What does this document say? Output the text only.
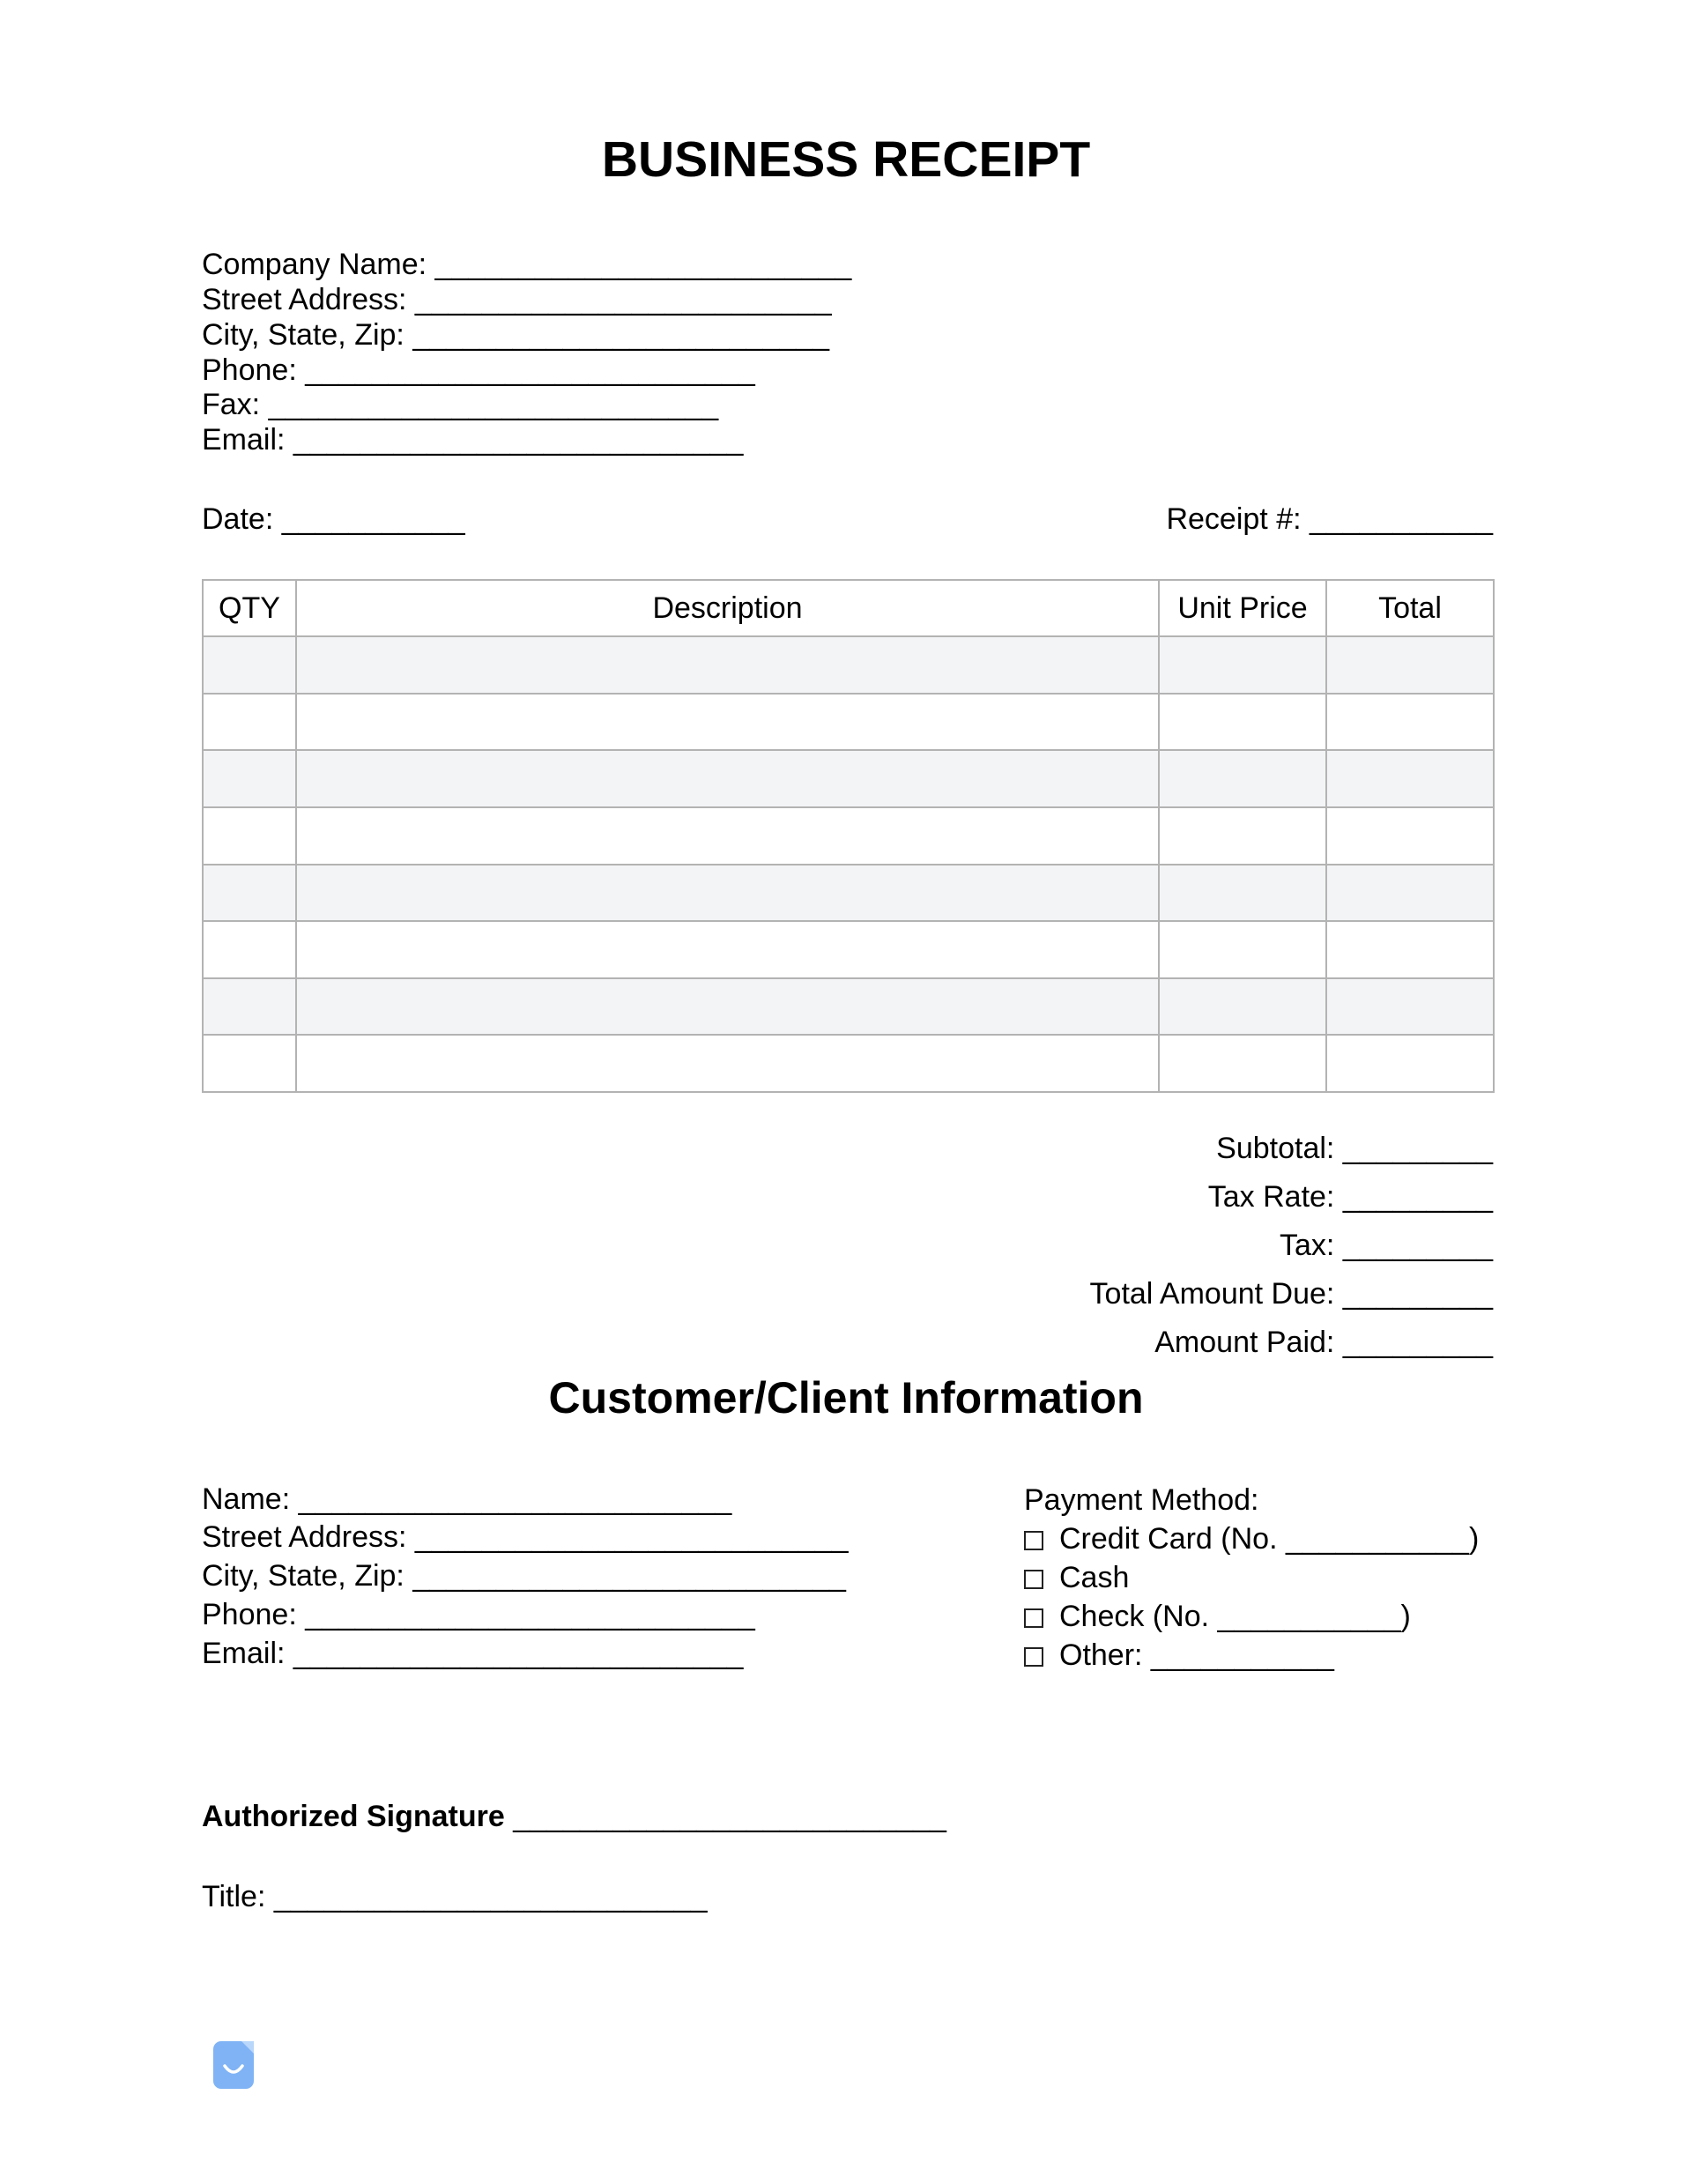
BUSINESS RECEIPT
Company Name: _________________________
Street Address: _________________________
City, State, Zip: _________________________
Phone: ___________________________
Fax: ___________________________
Email: ___________________________
Date: ___________	Receipt #: ___________
QTY	Description	Unit Price	Total

Subtotal: _________
Tax Rate: _________
Tax: _________
Total Amount Due: _________
Amount Paid: _________
Customer/Client Information
Name: __________________________
Street Address: __________________________
City, State, Zip: __________________________
Phone: ___________________________
Email: ___________________________
Payment Method:
Credit Card (No. ___________)
Cash
Check (No. ___________)
Other: ___________
Authorized Signature __________________________
Title: __________________________
